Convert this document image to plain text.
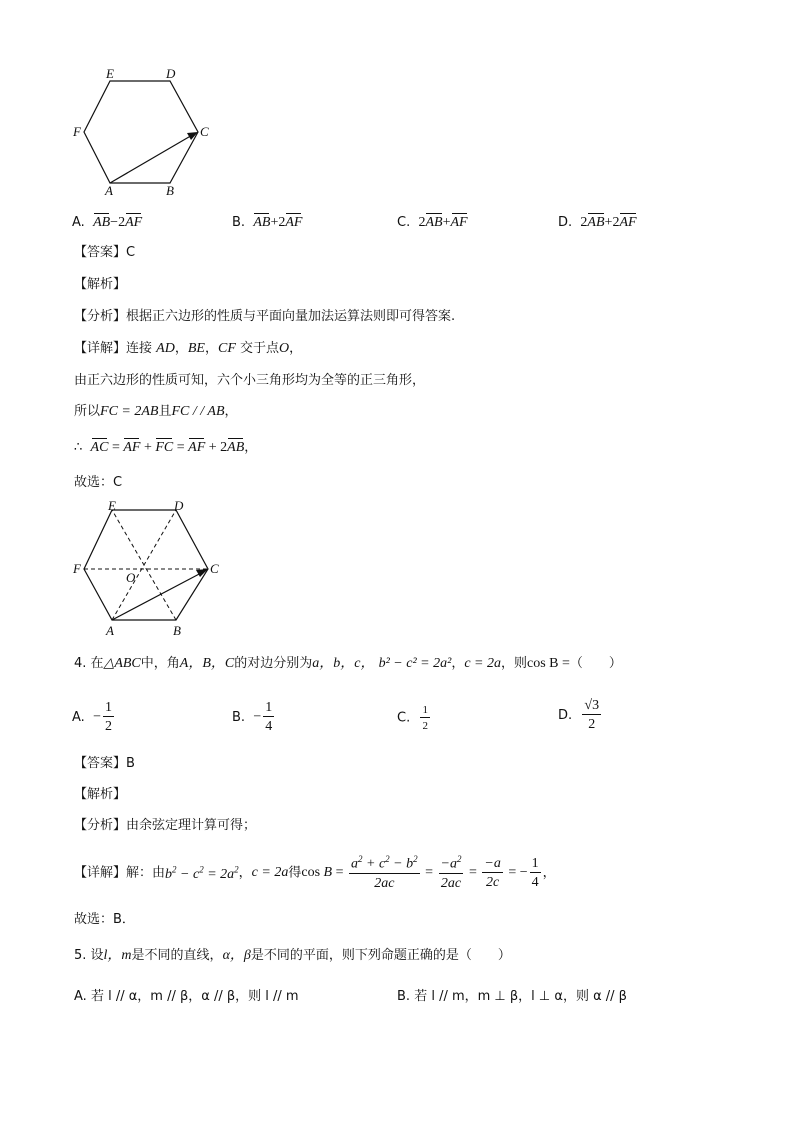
E	D
F	C
A	B
A. AB−2AF	B. AB+2AF	C. 2AB+AF	D. 2AB+2AF
【答案】C
【解析】
【分析】根据正六边形的性质与平面向量加法运算法则即可得答案.
【详解】连接 AD，BE，CF 交于点O，
由正六边形的性质可知，六个小三角形均为全等的正三角形，
所以FC = 2AB且FC / / AB，
∴ AC = AF + FC = AF + 2AB，
故选：C
E	D
F
O
C
A	B
4. 在△ABC中，角A，B，C的对边分别为a，b，c， b² − c² = 2a²，c = 2a，则cos B =（　　）
A. − $\frac{1}{2}$	B. − $\frac{1}{4}$	C. $\frac{1}{2}$	D. $\frac{√3}{2}$
【答案】B
【解析】
【分析】由余弦定理计算可得；
【详解】解：由$b^2 - c^2 = 2a^2$，c = 2a得$\cos B = \frac{a^2 + c^2 - b^2}{2ac} = \frac{-a^2}{2ac} = \frac{-a}{2c}$ = − $\frac{1}{4}$ ，
故选：B．
5. 设l，m是不同的直线，α，β是不同的平面，则下列命题正确的是（　　）
A. 若 l // α，m // β，α // β，则 l // m	B. 若 l // m，m ⊥ β，l ⊥ α，则 α // β
